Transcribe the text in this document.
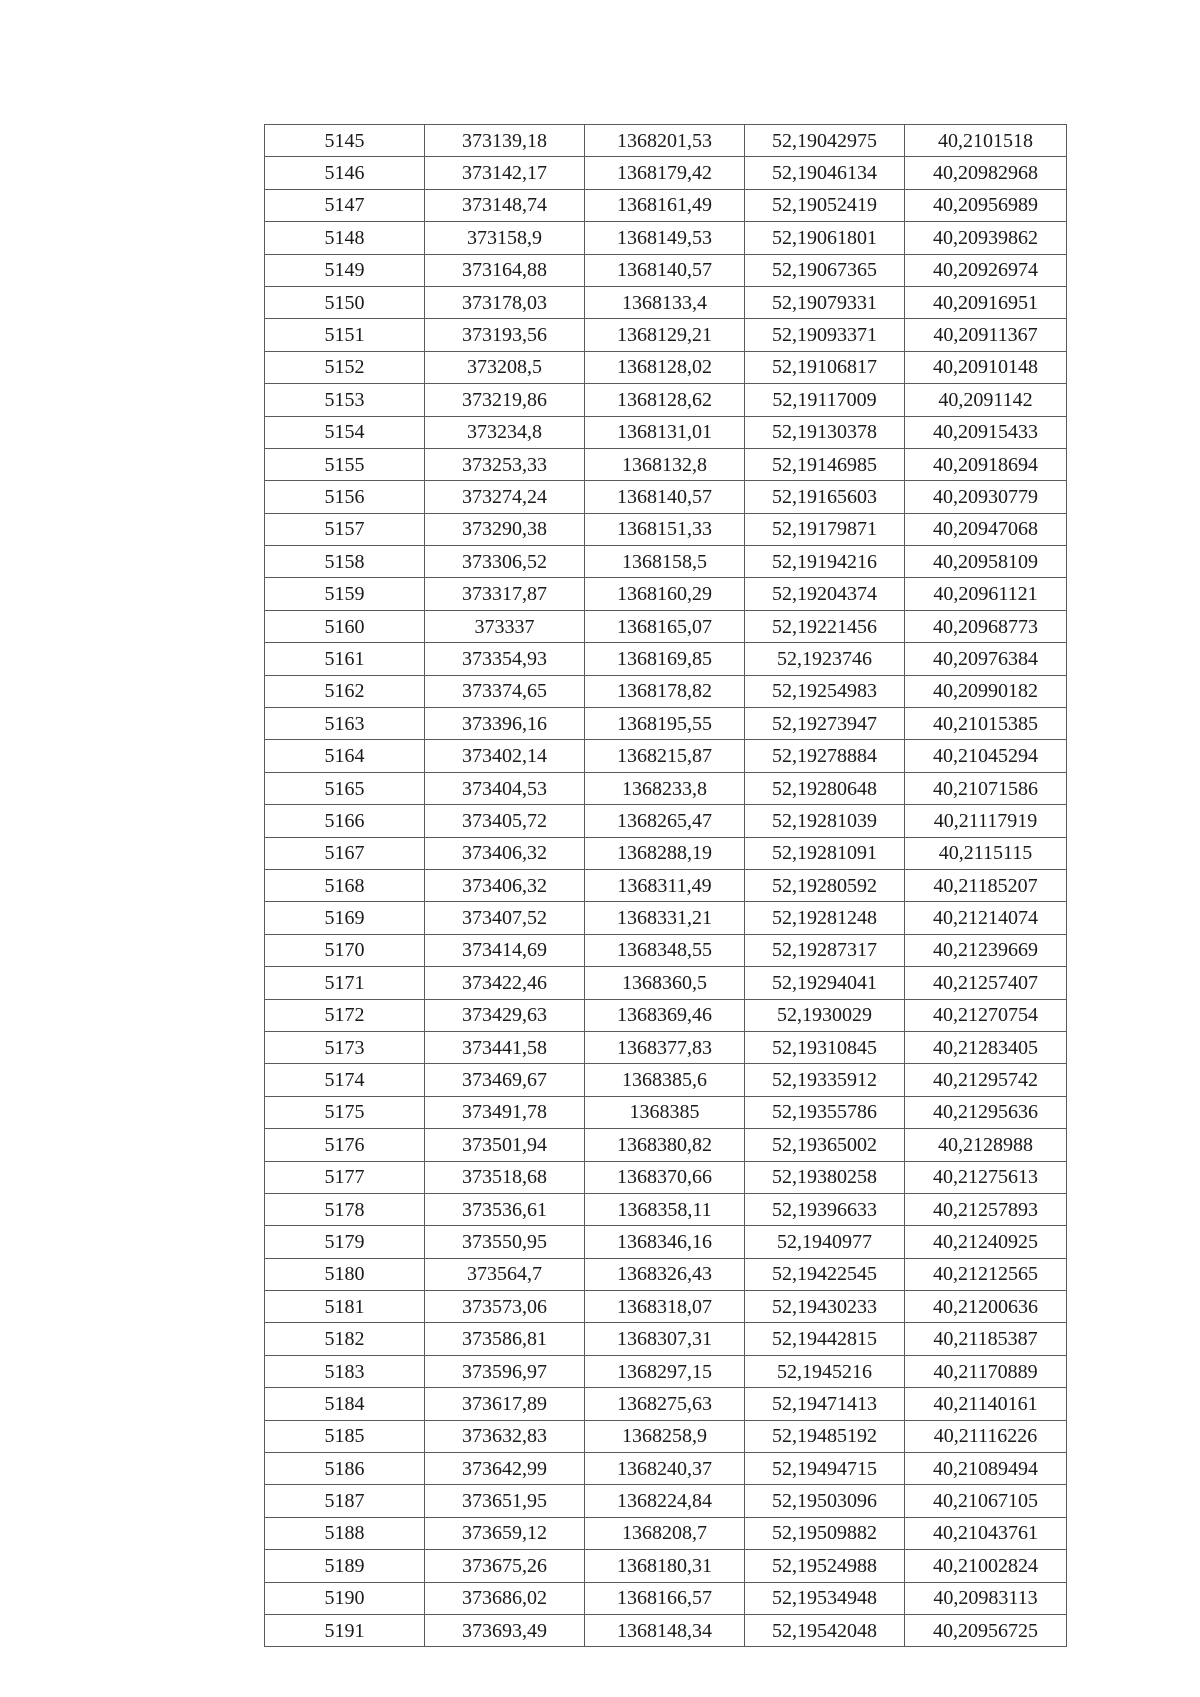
5145	373139,18	1368201,53	52,19042975	40,2101518
5146	373142,17	1368179,42	52,19046134	40,20982968
5147	373148,74	1368161,49	52,19052419	40,20956989
5148	373158,9	1368149,53	52,19061801	40,20939862
5149	373164,88	1368140,57	52,19067365	40,20926974
5150	373178,03	1368133,4	52,19079331	40,20916951
5151	373193,56	1368129,21	52,19093371	40,20911367
5152	373208,5	1368128,02	52,19106817	40,20910148
5153	373219,86	1368128,62	52,19117009	40,2091142
5154	373234,8	1368131,01	52,19130378	40,20915433
5155	373253,33	1368132,8	52,19146985	40,20918694
5156	373274,24	1368140,57	52,19165603	40,20930779
5157	373290,38	1368151,33	52,19179871	40,20947068
5158	373306,52	1368158,5	52,19194216	40,20958109
5159	373317,87	1368160,29	52,19204374	40,20961121
5160	373337	1368165,07	52,19221456	40,20968773
5161	373354,93	1368169,85	52,1923746	40,20976384
5162	373374,65	1368178,82	52,19254983	40,20990182
5163	373396,16	1368195,55	52,19273947	40,21015385
5164	373402,14	1368215,87	52,19278884	40,21045294
5165	373404,53	1368233,8	52,19280648	40,21071586
5166	373405,72	1368265,47	52,19281039	40,21117919
5167	373406,32	1368288,19	52,19281091	40,2115115
5168	373406,32	1368311,49	52,19280592	40,21185207
5169	373407,52	1368331,21	52,19281248	40,21214074
5170	373414,69	1368348,55	52,19287317	40,21239669
5171	373422,46	1368360,5	52,19294041	40,21257407
5172	373429,63	1368369,46	52,1930029	40,21270754
5173	373441,58	1368377,83	52,19310845	40,21283405
5174	373469,67	1368385,6	52,19335912	40,21295742
5175	373491,78	1368385	52,19355786	40,21295636
5176	373501,94	1368380,82	52,19365002	40,2128988
5177	373518,68	1368370,66	52,19380258	40,21275613
5178	373536,61	1368358,11	52,19396633	40,21257893
5179	373550,95	1368346,16	52,1940977	40,21240925
5180	373564,7	1368326,43	52,19422545	40,21212565
5181	373573,06	1368318,07	52,19430233	40,21200636
5182	373586,81	1368307,31	52,19442815	40,21185387
5183	373596,97	1368297,15	52,1945216	40,21170889
5184	373617,89	1368275,63	52,19471413	40,21140161
5185	373632,83	1368258,9	52,19485192	40,21116226
5186	373642,99	1368240,37	52,19494715	40,21089494
5187	373651,95	1368224,84	52,19503096	40,21067105
5188	373659,12	1368208,7	52,19509882	40,21043761
5189	373675,26	1368180,31	52,19524988	40,21002824
5190	373686,02	1368166,57	52,19534948	40,20983113
5191	373693,49	1368148,34	52,19542048	40,20956725
